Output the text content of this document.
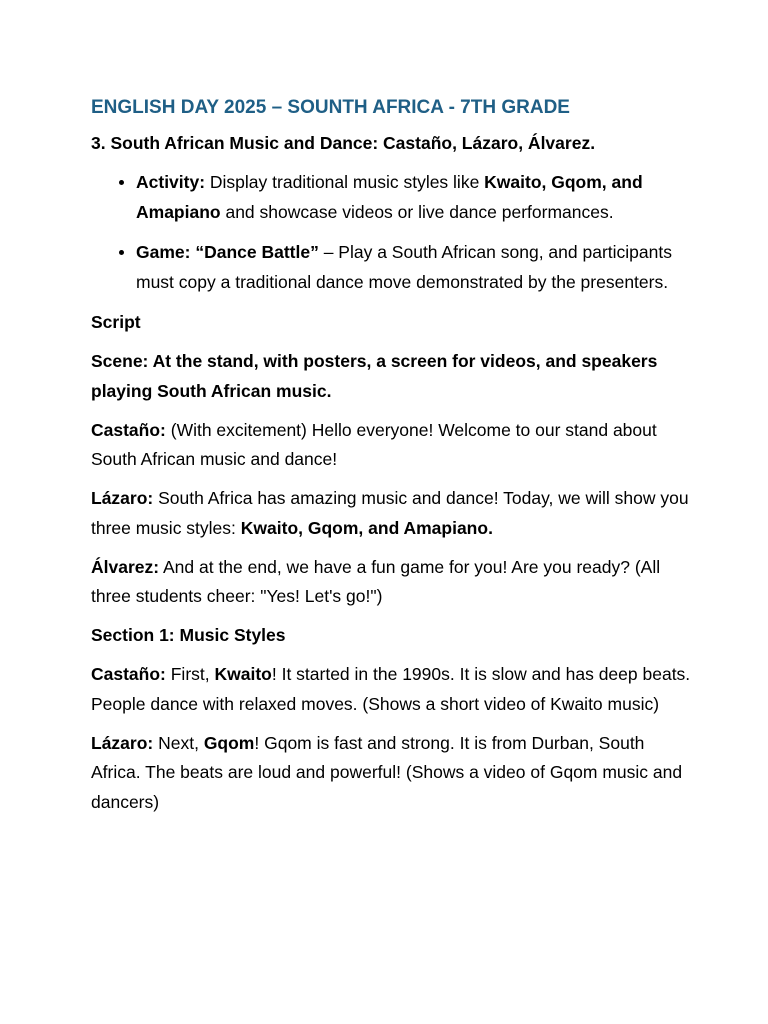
ENGLISH DAY 2025 – SOUNTH AFRICA - 7TH GRADE

3. South African Music and Dance: Castaño, Lázaro, Álvarez.

• Activity: Display traditional music styles like Kwaito, Gqom, and Amapiano and showcase videos or live dance performances.
• Game: “Dance Battle” – Play a South African song, and participants must copy a traditional dance move demonstrated by the presenters.

Script

Scene: At the stand, with posters, a screen for videos, and speakers playing South African music.

Castaño: (With excitement) Hello everyone! Welcome to our stand about South African music and dance!

Lázaro: South Africa has amazing music and dance! Today, we will show you three music styles: Kwaito, Gqom, and Amapiano.

Álvarez: And at the end, we have a fun game for you! Are you ready? (All three students cheer: "Yes! Let's go!")

Section 1: Music Styles

Castaño: First, Kwaito! It started in the 1990s. It is slow and has deep beats. People dance with relaxed moves. (Shows a short video of Kwaito music)

Lázaro: Next, Gqom! Gqom is fast and strong. It is from Durban, South Africa. The beats are loud and powerful! (Shows a video of Gqom music and dancers)
